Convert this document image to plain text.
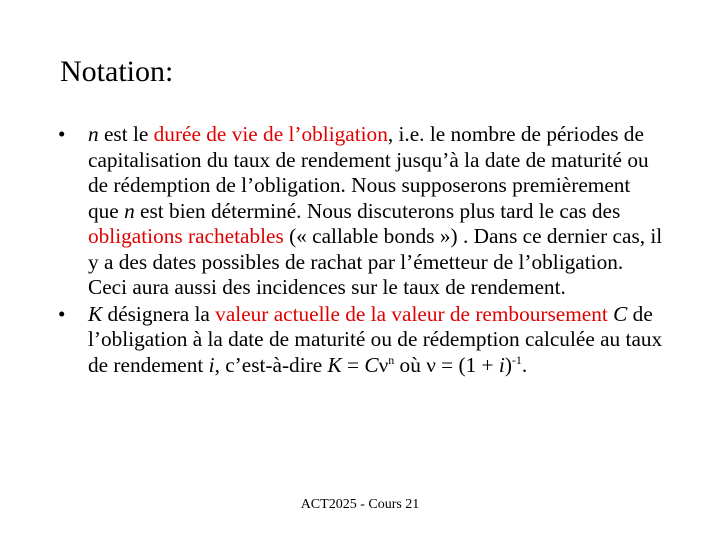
Notation:
• n est le durée de vie de l’obligation, i.e. le nombre de périodes de capitalisation du taux de rendement jusqu’à la date de maturité ou de rédemption de l’obligation. Nous supposerons premièrement que n est bien déterminé. Nous discuterons plus tard le cas des obligations rachetables (« callable bonds ») . Dans ce dernier cas, il y a des dates possibles de rachat par l’émetteur de l’obligation. Ceci aura aussi des incidences sur le taux de rendement.
• K désignera la valeur actuelle de la valeur de remboursement C de l’obligation à la date de maturité ou de rédemption calculée au taux de rendement i, c’est-à-dire $K = C\nu^n$ où $\nu = (1 + i)^{-1}$.
ACT2025 - Cours 21
